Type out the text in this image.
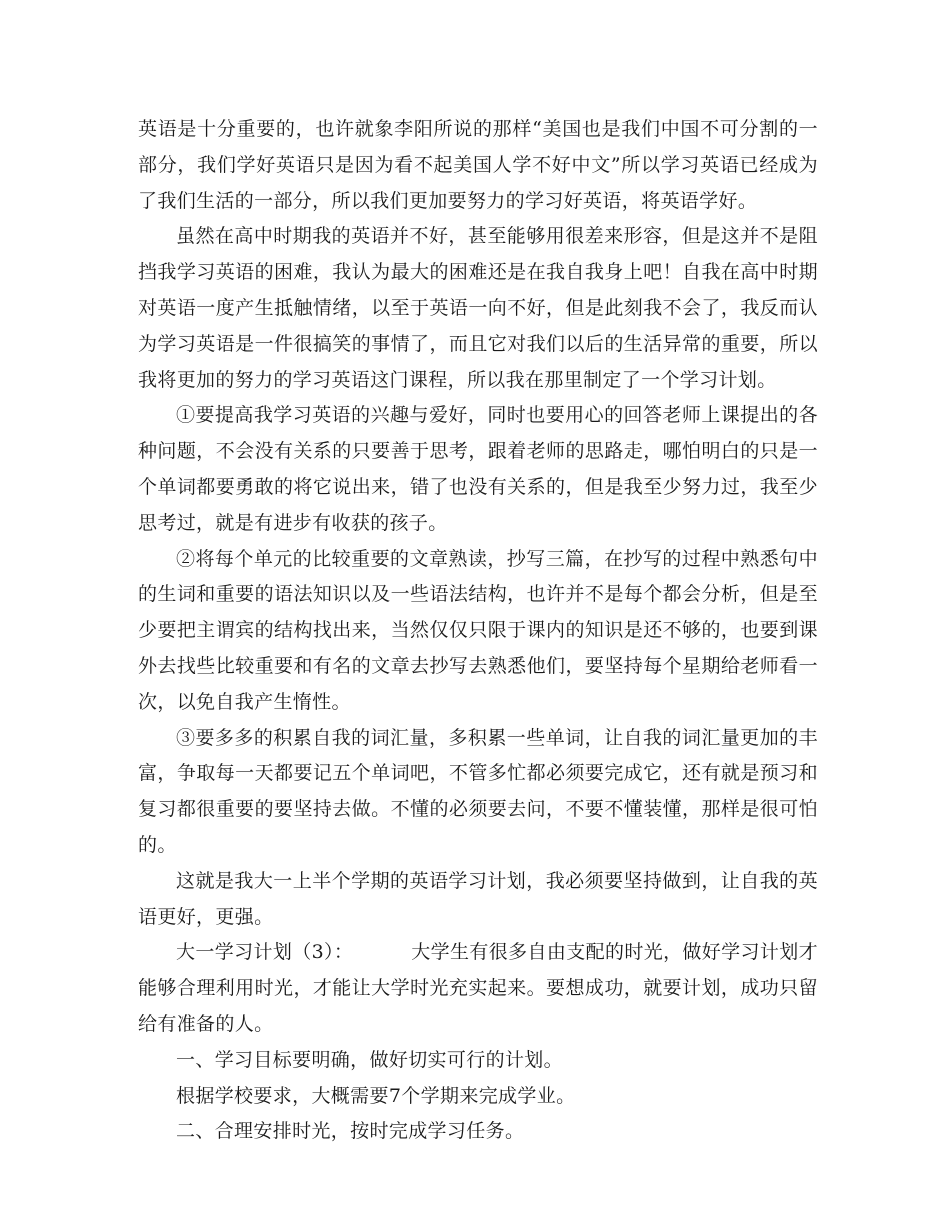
英语是十分重要的，也许就象李阳所说的那样“美国也是我们中国不可分割的一部分，我们学好英语只是因为看不起美国人学不好中文”所以学习英语已经成为了我们生活的一部分，所以我们更加要努力的学习好英语，将英语学好。

虽然在高中时期我的英语并不好，甚至能够用很差来形容，但是这并不是阻挡我学习英语的困难，我认为最大的困难还是在我自我身上吧！自我在高中时期对英语一度产生抵触情绪，以至于英语一向不好，但是此刻我不会了，我反而认为学习英语是一件很搞笑的事情了，而且它对我们以后的生活异常的重要，所以我将更加的努力的学习英语这门课程，所以我在那里制定了一个学习计划。

①要提高我学习英语的兴趣与爱好，同时也要用心的回答老师上课提出的各种问题，不会没有关系的只要善于思考，跟着老师的思路走，哪怕明白的只是一个单词都要勇敢的将它说出来，错了也没有关系的，但是我至少努力过，我至少思考过，就是有进步有收获的孩子。

②将每个单元的比较重要的文章熟读，抄写三篇，在抄写的过程中熟悉句中的生词和重要的语法知识以及一些语法结构，也许并不是每个都会分析，但是至少要把主谓宾的结构找出来，当然仅仅只限于课内的知识是还不够的，也要到课外去找些比较重要和有名的文章去抄写去熟悉他们，要坚持每个星期给老师看一次，以免自我产生惰性。

③要多多的积累自我的词汇量，多积累一些单词，让自我的词汇量更加的丰富，争取每一天都要记五个单词吧，不管多忙都必须要完成它，还有就是预习和复习都很重要的要坚持去做。不懂的必须要去问，不要不懂装懂，那样是很可怕的。

这就是我大一上半个学期的英语学习计划，我必须要坚持做到，让自我的英语更好，更强。

大一学习计划（3）：	大学生有很多自由支配的时光，做好学习计划才能够合理利用时光，才能让大学时光充实起来。要想成功，就要计划，成功只留给有准备的人。

一、学习目标要明确，做好切实可行的计划。

根据学校要求，大概需要7个学期来完成学业。

二、合理安排时光，按时完成学习任务。
